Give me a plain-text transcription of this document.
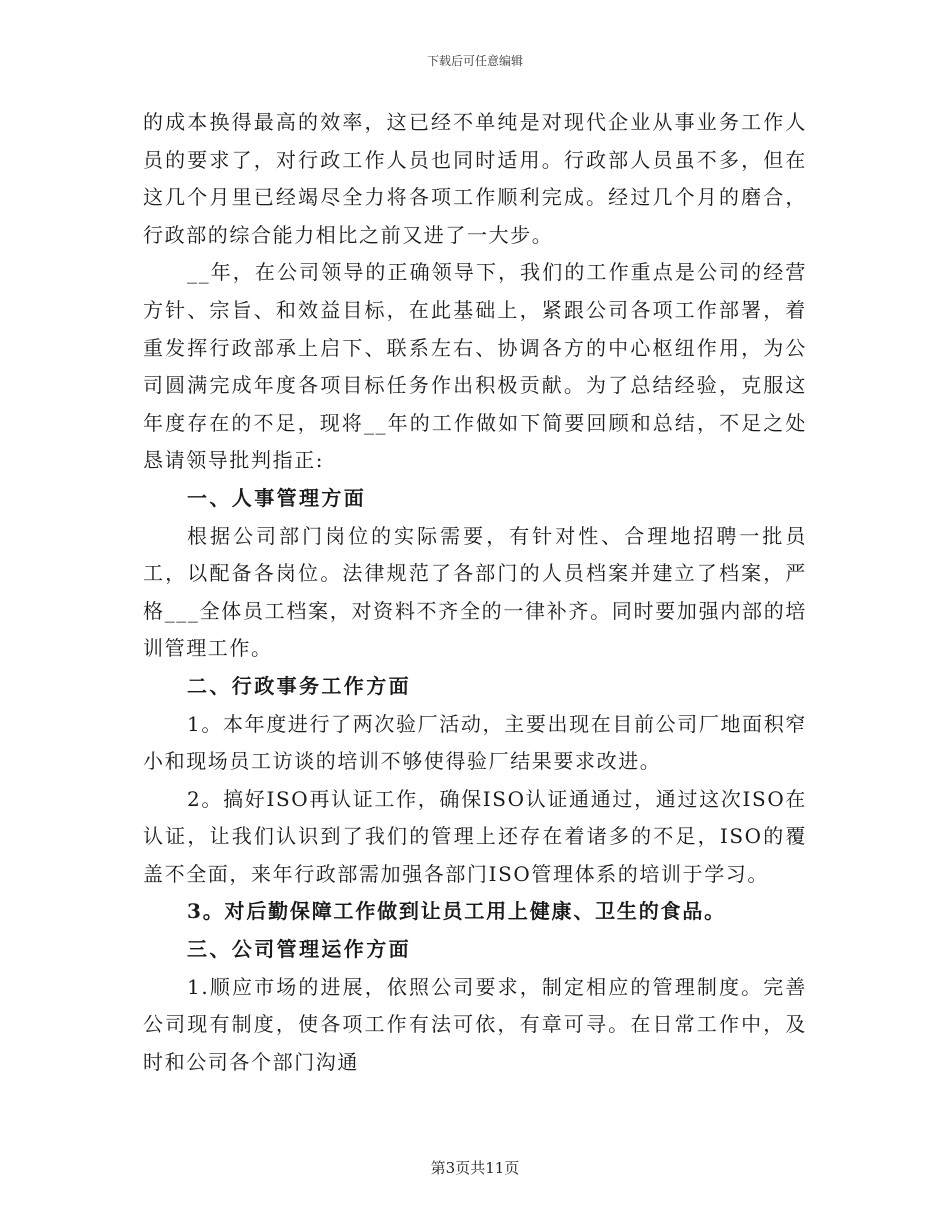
下载后可任意编辑

的成本换得最高的效率，这已经不单纯是对现代企业从事业务工作人员的要求了，对行政工作人员也同时适用。行政部人员虽不多，但在这几个月里已经竭尽全力将各项工作顺利完成。经过几个月的磨合，行政部的综合能力相比之前又进了一大步。

__年，在公司领导的正确领导下，我们的工作重点是公司的经营方针、宗旨、和效益目标，在此基础上，紧跟公司各项工作部署，着重发挥行政部承上启下、联系左右、协调各方的中心枢纽作用，为公司圆满完成年度各项目标任务作出积极贡献。为了总结经验，克服这年度存在的不足，现将__年的工作做如下简要回顾和总结，不足之处恳请领导批判指正:

一、人事管理方面

根据公司部门岗位的实际需要，有针对性、合理地招聘一批员工，以配备各岗位。法律规范了各部门的人员档案并建立了档案，严格___全体员工档案，对资料不齐全的一律补齐。同时要加强内部的培训管理工作。

二、行政事务工作方面

1。本年度进行了两次验厂活动，主要出现在目前公司厂地面积窄小和现场员工访谈的培训不够使得验厂结果要求改进。

2。搞好ISO再认证工作，确保ISO认证通通过，通过这次ISO在认证，让我们认识到了我们的管理上还存在着诸多的不足，ISO的覆盖不全面，来年行政部需加强各部门ISO管理体系的培训于学习。

3。对后勤保障工作做到让员工用上健康、卫生的食品。

三、公司管理运作方面

1.顺应市场的进展，依照公司要求，制定相应的管理制度。完善公司现有制度，使各项工作有法可依，有章可寻。在日常工作中，及时和公司各个部门沟通

第3页共11页
